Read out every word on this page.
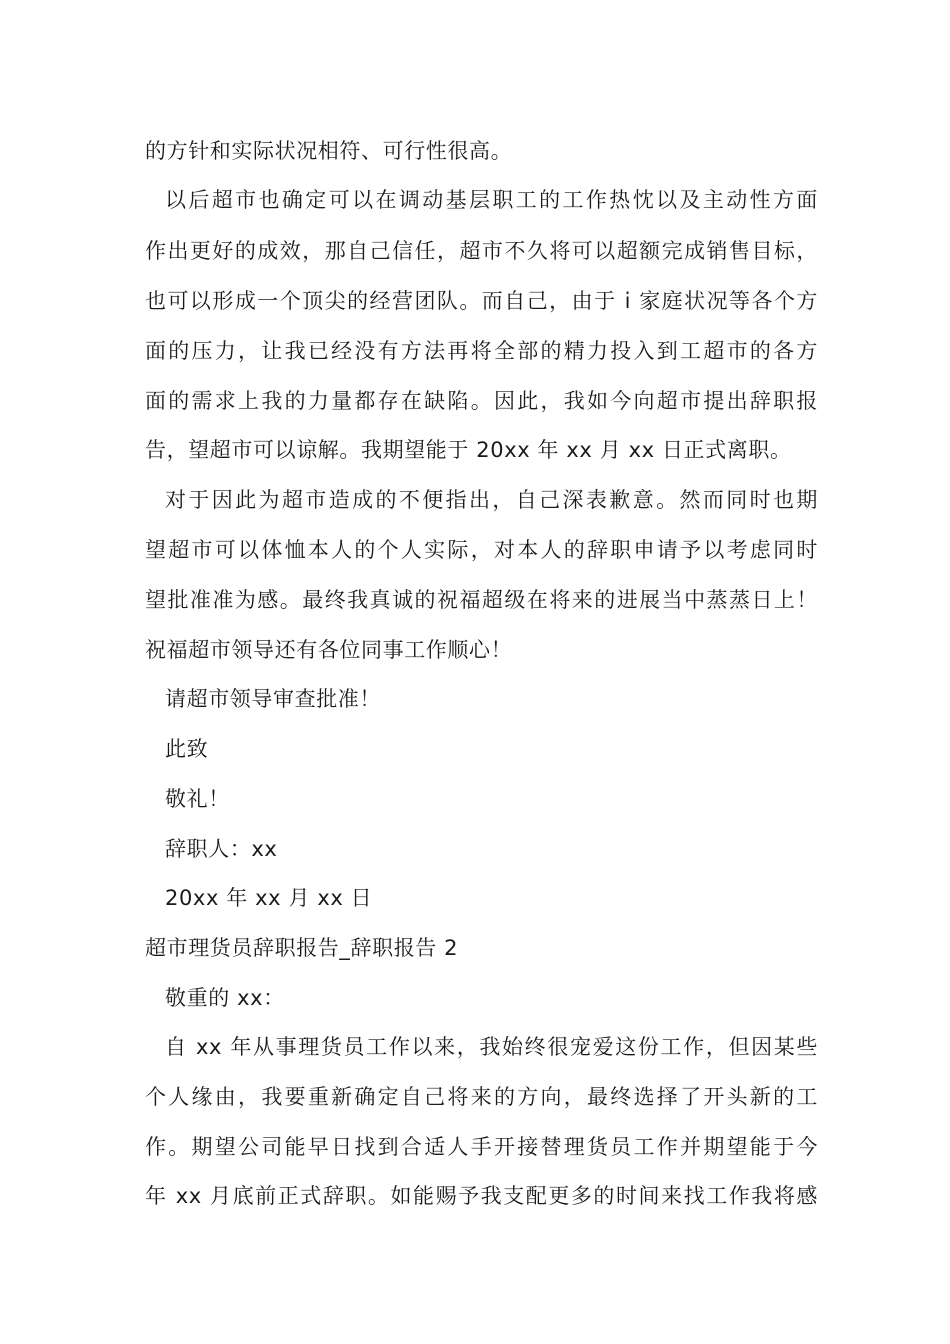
的方针和实际状况相符、可行性很高。
以后超市也确定可以在调动基层职工的工作热忱以及主动性方面
作出更好的成效，那自己信任，超市不久将可以超额完成销售目标，
也可以形成一个顶尖的经营团队。而自己，由于 i 家庭状况等各个方
面的压力，让我已经没有方法再将全部的精力投入到工超市的各方
面的需求上我的力量都存在缺陷。因此，我如今向超市提出辞职报
告，望超市可以谅解。我期望能于 20xx 年 xx 月 xx 日正式离职。
对于因此为超市造成的不便指出，自己深表歉意。然而同时也期
望超市可以体恤本人的个人实际，对本人的辞职申请予以考虑同时
望批准准为感。最终我真诚的祝福超级在将来的进展当中蒸蒸日上！
祝福超市领导还有各位同事工作顺心！
请超市领导审查批准！
此致
敬礼！
辞职人：xx
20xx 年 xx 月 xx 日
超市理货员辞职报告_辞职报告 2
敬重的 xx：
自 xx 年从事理货员工作以来，我始终很宠爱这份工作，但因某些
个人缘由，我要重新确定自己将来的方向，最终选择了开头新的工
作。期望公司能早日找到合适人手开接替理货员工作并期望能于今
年 xx 月底前正式辞职。如能赐予我支配更多的时间来找工作我将感
